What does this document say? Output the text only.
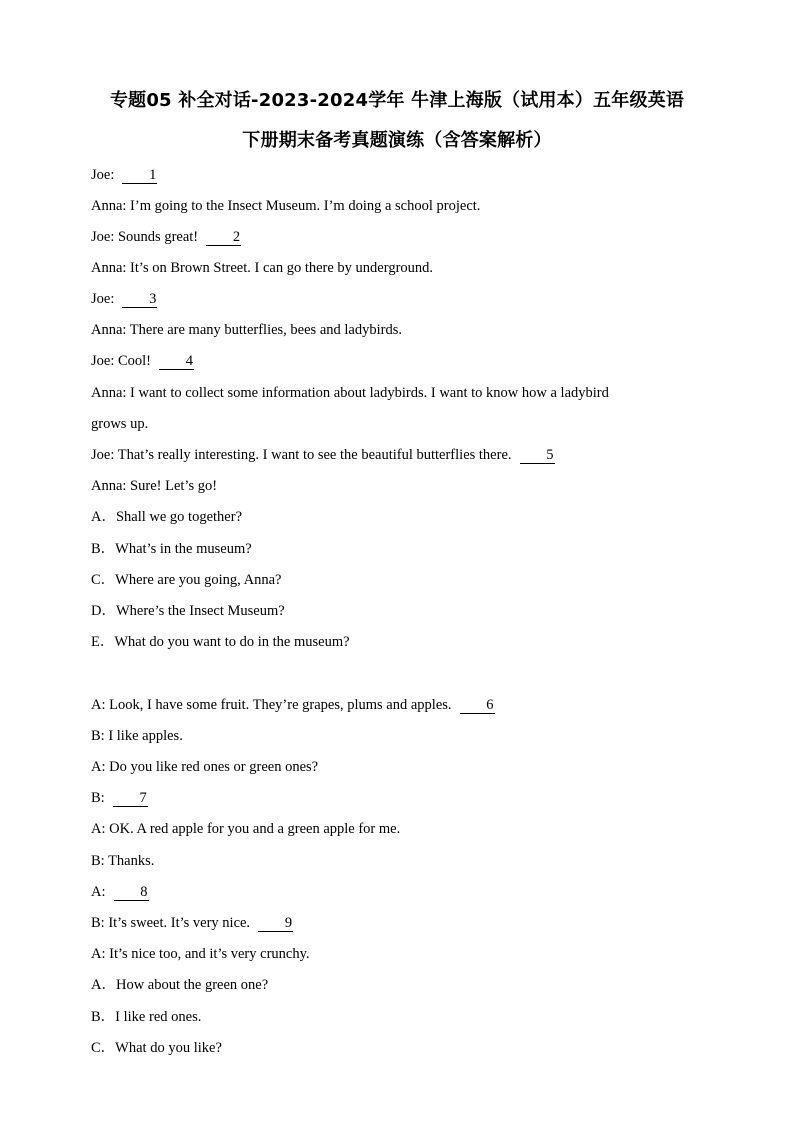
专题05 补全对话-2023-2024学年 牛津上海版（试用本）五年级英语
下册期末备考真题演练（含答案解析）
Joe: 1
Anna: I’m going to the Insect Museum. I’m doing a school project.
Joe: Sounds great! 2
Anna: It’s on Brown Street. I can go there by underground.
Joe: 3
Anna: There are many butterflies, bees and ladybirds.
Joe: Cool! 4
Anna: I want to collect some information about ladybirds. I want to know how a ladybird
grows up.
Joe: That’s really interesting. I want to see the beautiful butterflies there. 5
Anna: Sure! Let’s go!
A．Shall we go together?
B．What’s in the museum?
C．Where are you going, Anna?
D．Where’s the Insect Museum?
E．What do you want to do in the museum?
A: Look, I have some fruit. They’re grapes, plums and apples. 6
B: I like apples.
A: Do you like red ones or green ones?
B: 7
A: OK. A red apple for you and a green apple for me.
B: Thanks.
A: 8
B: It’s sweet. It’s very nice. 9
A: It’s nice too, and it’s very crunchy.
A．How about the green one?
B．I like red ones.
C．What do you like?
